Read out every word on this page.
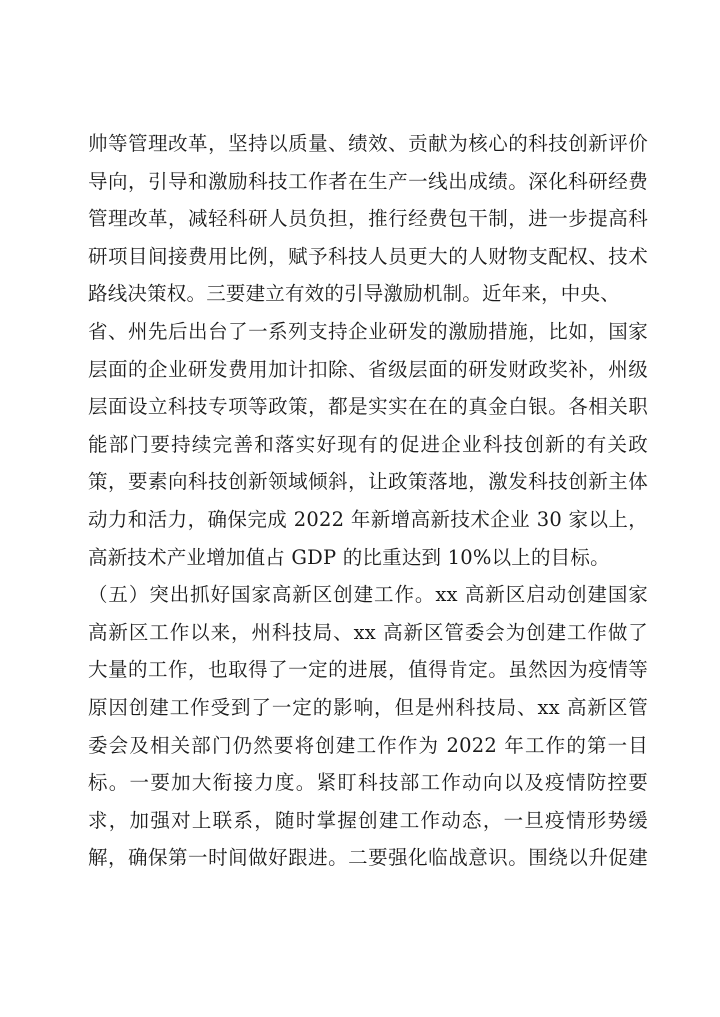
帅等管理改革，坚持以质量、绩效、贡献为核心的科技创新评价
导向，引导和激励科技工作者在生产一线出成绩。深化科研经费
管理改革，减轻科研人员负担，推行经费包干制，进一步提高科
研项目间接费用比例，赋予科技人员更大的人财物支配权、技术
路线决策权。三要建立有效的引导激励机制。近年来，中央、
省、州先后出台了一系列支持企业研发的激励措施，比如，国家
层面的企业研发费用加计扣除、省级层面的研发财政奖补，州级
层面设立科技专项等政策，都是实实在在的真金白银。各相关职
能部门要持续完善和落实好现有的促进企业科技创新的有关政
策，要素向科技创新领域倾斜，让政策落地，激发科技创新主体
动力和活力，确保完成 2022 年新增高新技术企业 30 家以上，
高新技术产业增加值占 GDP 的比重达到 10%以上的目标。
（五）突出抓好国家高新区创建工作。xx 高新区启动创建国家
高新区工作以来，州科技局、xx 高新区管委会为创建工作做了
大量的工作，也取得了一定的进展，值得肯定。虽然因为疫情等
原因创建工作受到了一定的影响，但是州科技局、xx 高新区管
委会及相关部门仍然要将创建工作作为 2022 年工作的第一目
标。一要加大衔接力度。紧盯科技部工作动向以及疫情防控要
求，加强对上联系，随时掌握创建工作动态，一旦疫情形势缓
解，确保第一时间做好跟进。二要强化临战意识。围绕以升促建
